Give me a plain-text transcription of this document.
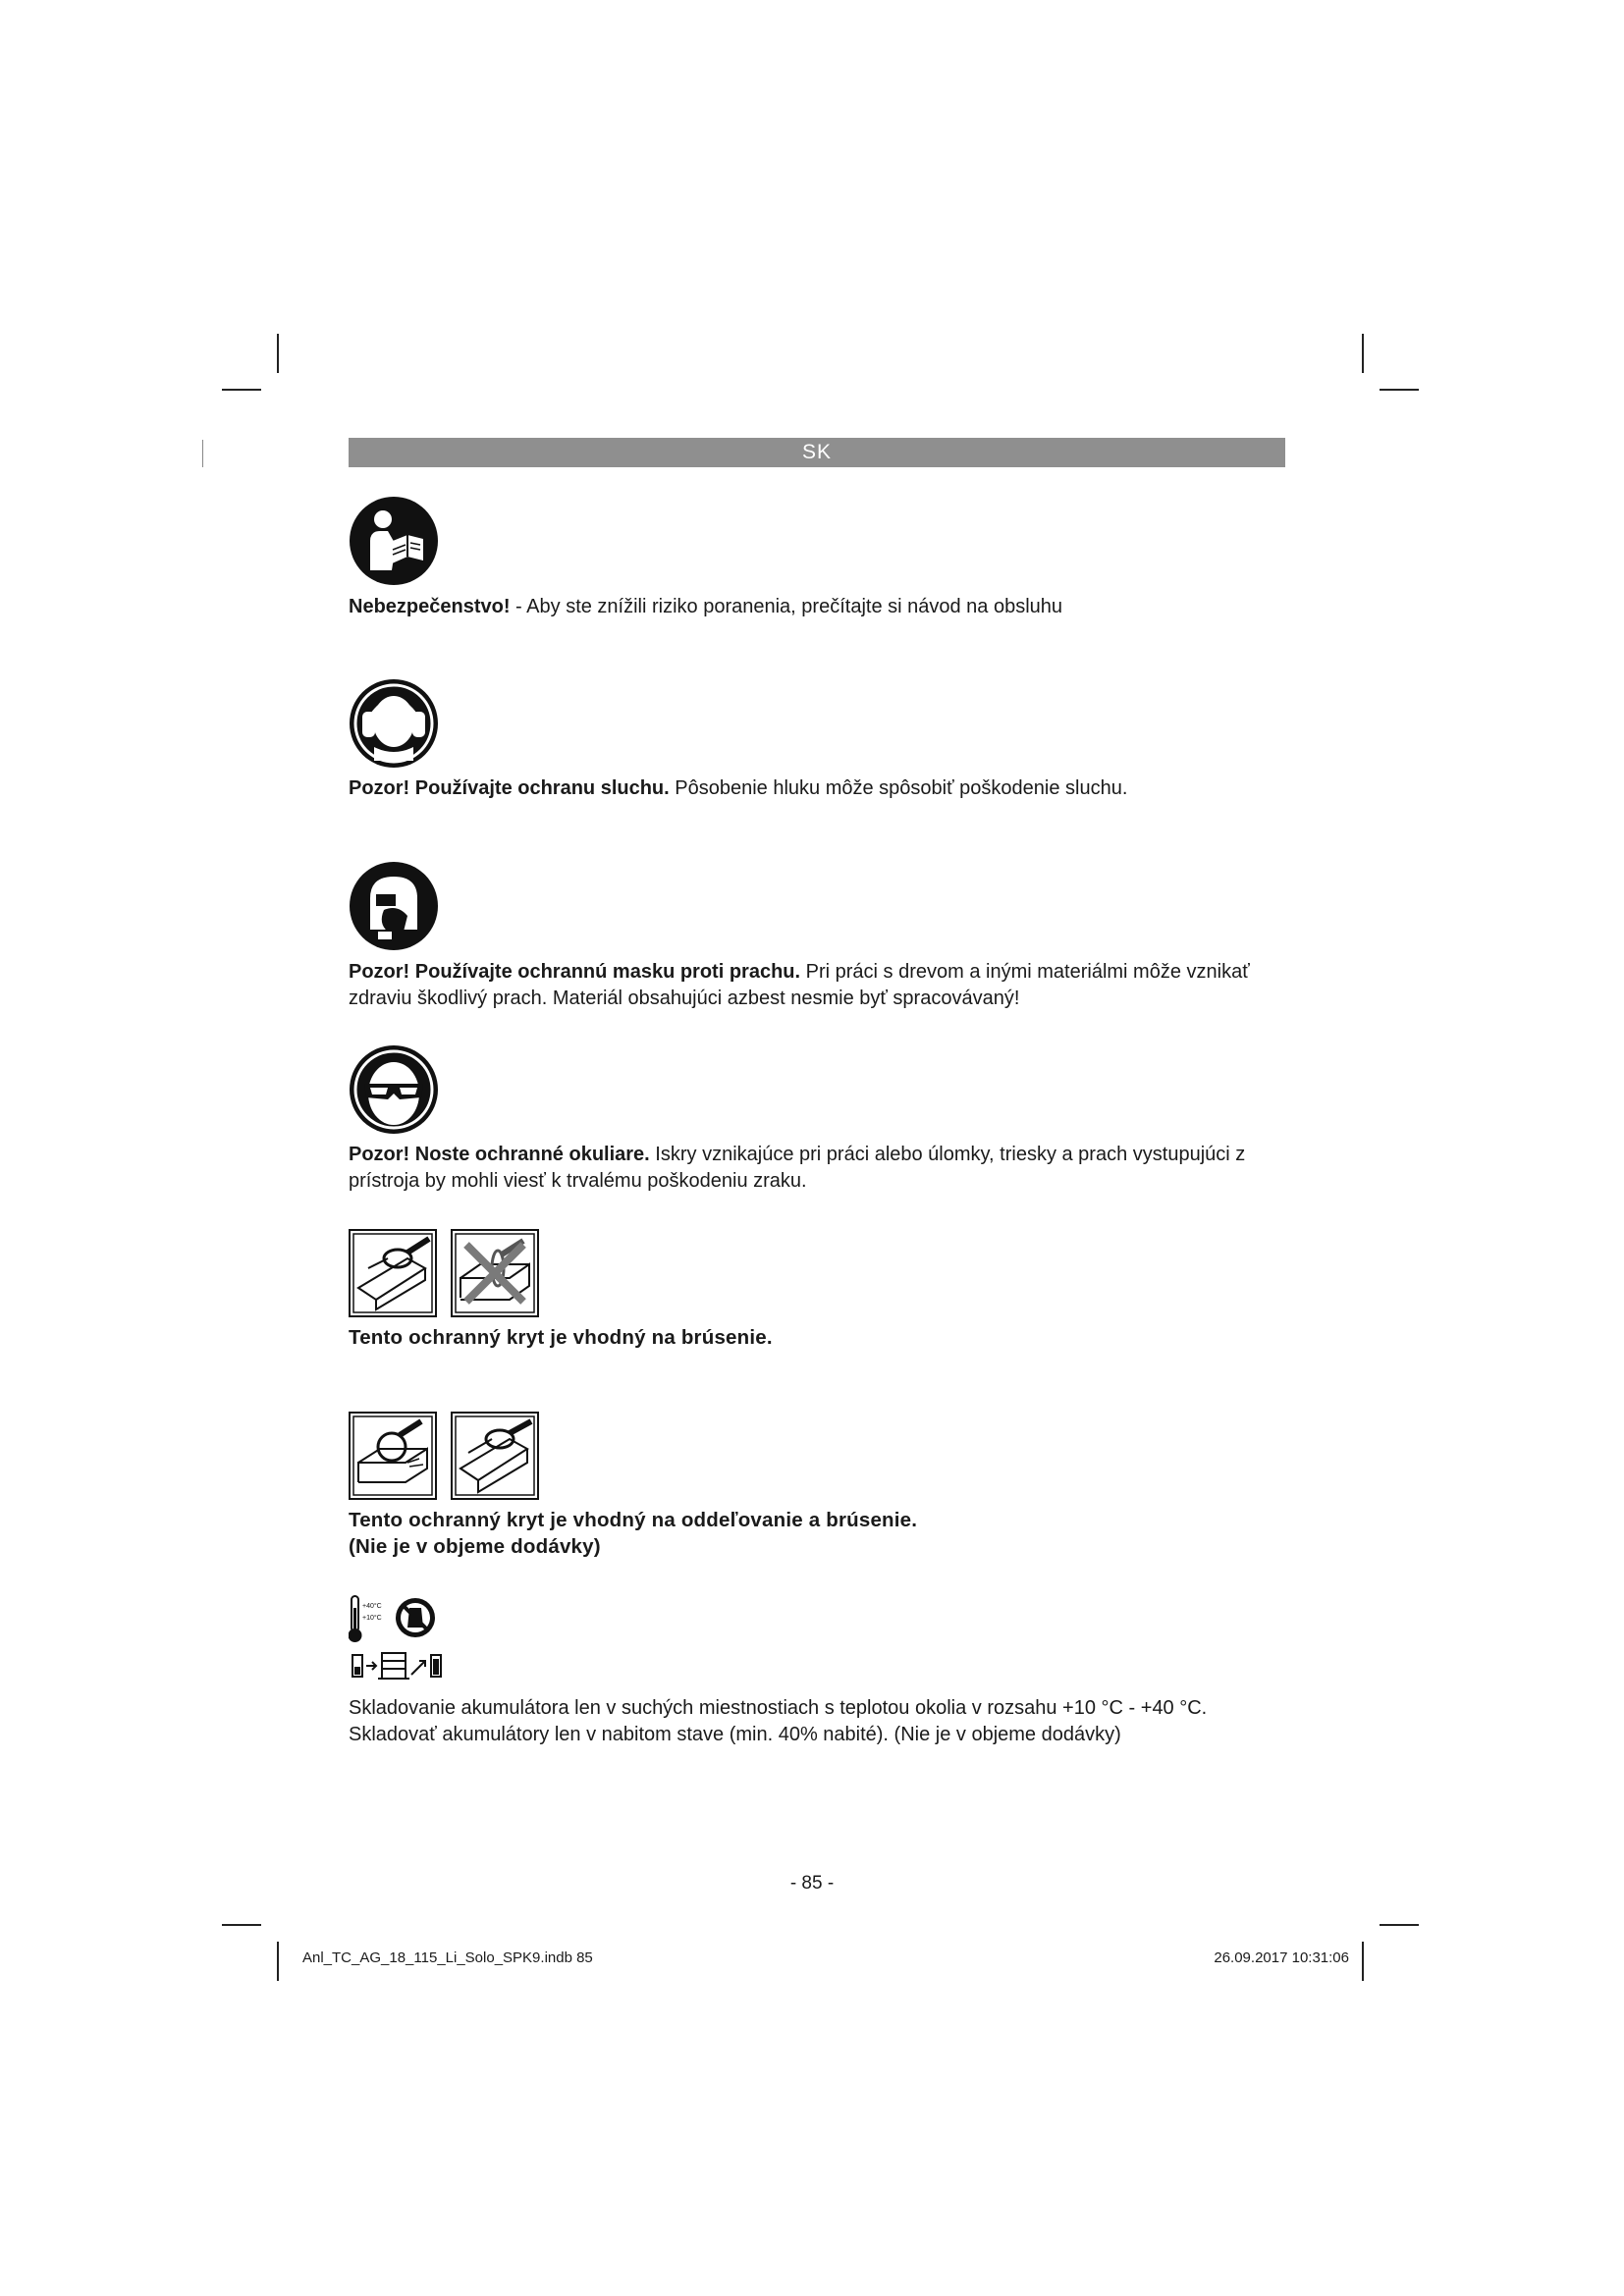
SK

Nebezpečenstvo! - Aby ste znížili riziko poranenia, prečítajte si návod na obsluhu

Pozor! Používajte ochranu sluchu. Pôsobenie hluku môže spôsobiť poškodenie sluchu.

Pozor! Používajte ochrannú masku proti prachu. Pri práci s drevom a inými materiálmi môže vznikať zdraviu škodlivý prach. Materiál obsahujúci azbest nesmie byť spracovávaný!

Pozor! Noste ochranné okuliare. Iskry vznikajúce pri práci alebo úlomky, triesky a prach vystupujúci z prístroja by mohli viesť k trvalému poškodeniu zraku.

Tento ochranný kryt je vhodný na brúsenie.

Tento ochranný kryt je vhodný na oddeľovanie a brúsenie.

(Nie je v objeme dodávky)

+40°C
+10°C

Skladovanie akumulátora len v suchých miestnostiach s teplotou okolia v rozsahu +10 °C - +40 °C.

Skladovať akumulátory len v nabitom stave (min. 40% nabité). (Nie je v objeme dodávky)

- 85 -
Anl_TC_AG_18_115_Li_Solo_SPK9.indb 85	26.09.2017 10:31:06
